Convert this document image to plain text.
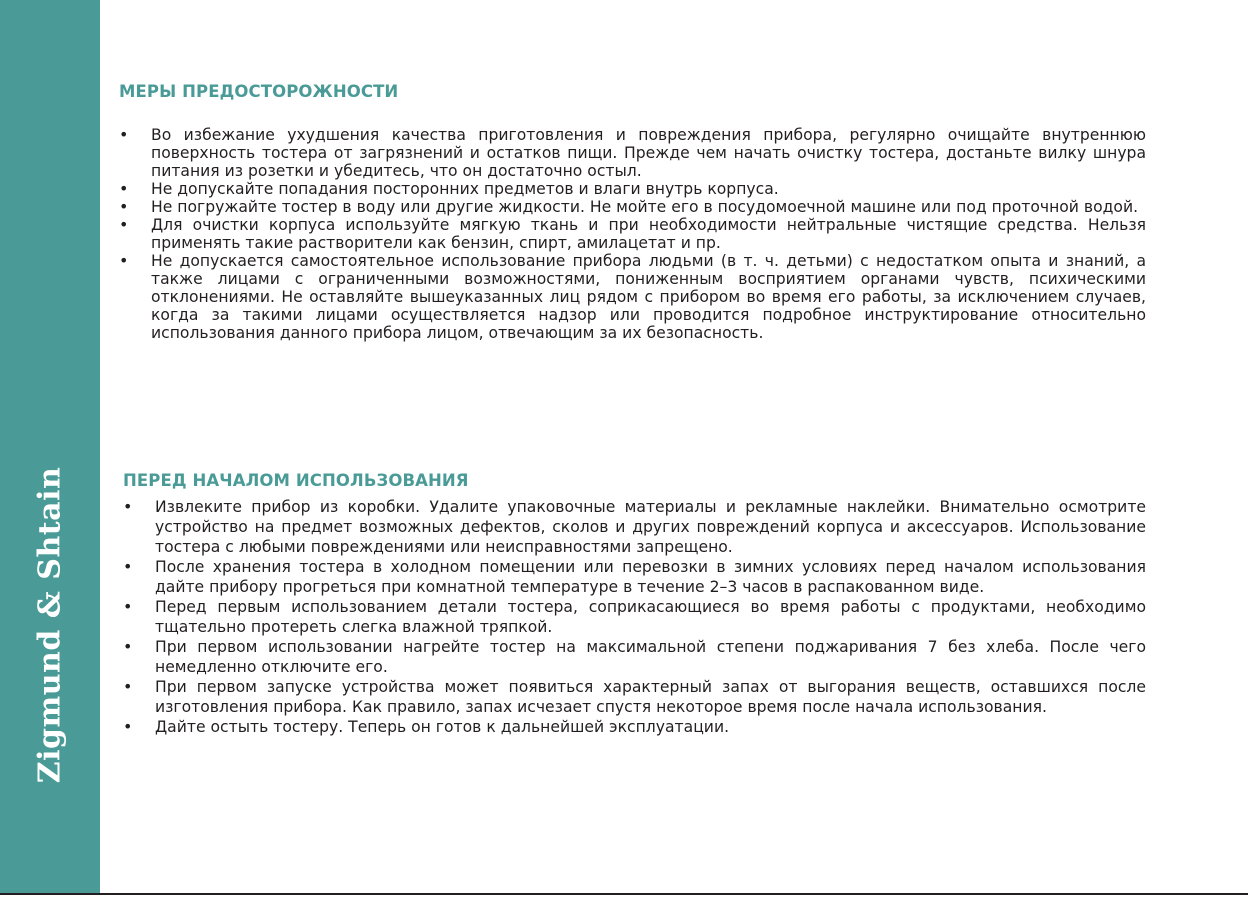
Zigmund & Shtain
МЕРЫ ПРЕДОСТОРОЖНОСТИ
• Во избежание ухудшения качества приготовления и повреждения прибора, регулярно очищайте внутреннюю поверхность тостера от загрязнений и остатков пищи. Прежде чем начать очистку тостера, достаньте вилку шнура питания из розетки и убедитесь, что он достаточно остыл.
• Не допускайте попадания посторонних предметов и влаги внутрь корпуса.
• Не погружайте тостер в воду или другие жидкости. Не мойте его в посудомоечной машине или под проточной водой.
• Для очистки корпуса используйте мягкую ткань и при необходимости нейтральные чистящие средства. Нельзя применять такие растворители как бензин, спирт, амилацетат и пр.
• Не допускается самостоятельное использование прибора людьми (в т. ч. детьми) с недостатком опыта и знаний, а также лицами с ограниченными возможностями, пониженным восприятием органами чувств, психическими отклонениями. Не оставляйте вышеуказанных лиц рядом с прибором во время его работы, за исключением случаев, когда за такими лицами осуществляется надзор или проводится подробное инструктирование относительно использования данного прибора лицом, отвечающим за их безопасность.
ПЕРЕД НАЧАЛОМ ИСПОЛЬЗОВАНИЯ
• Извлеките прибор из коробки. Удалите упаковочные материалы и рекламные наклейки. Внимательно осмотрите устройство на предмет возможных дефектов, сколов и других повреждений корпуса и аксессуаров. Использование тостера с любыми повреждениями или неисправностями запрещено.
• После хранения тостера в холодном помещении или перевозки в зимних условиях перед началом использования дайте прибору прогреться при комнатной температуре в течение 2–3 часов в распакованном виде.
• Перед первым использованием детали тостера, соприкасающиеся во время работы с продуктами, необходимо тщательно протереть слегка влажной тряпкой.
• При первом использовании нагрейте тостер на максимальной степени поджаривания 7 без хлеба. После чего немедленно отключите его.
• При первом запуске устройства может появиться характерный запах от выгорания веществ, оставшихся после изготовления прибора. Как правило, запах исчезает спустя некоторое время после начала использования.
• Дайте остыть тостеру. Теперь он готов к дальнейшей эксплуатации.
